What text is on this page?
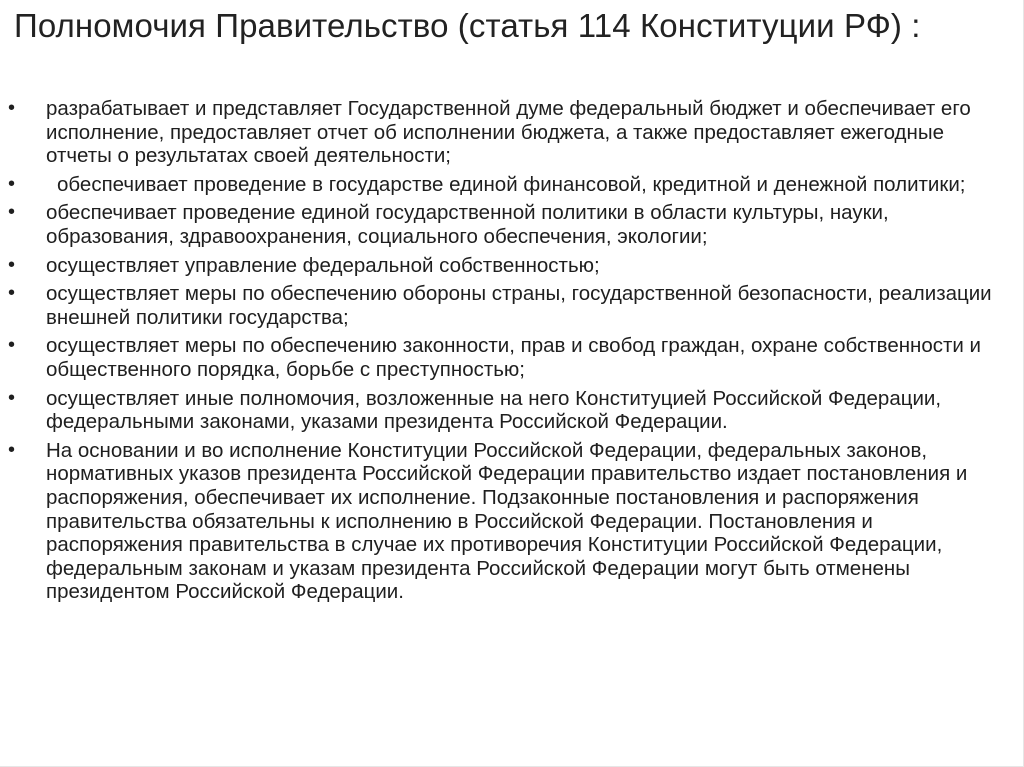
Полномочия Правительство (статья 114 Конституции РФ) :
• разрабатывает и представляет Государственной думе федеральный бюджет и обеспечивает его исполнение, предоставляет отчет об исполнении бюджета, а также предоставляет ежегодные отчеты о результатах своей деятельности;
•	обеспечивает проведение в государстве единой финансовой, кредитной и денежной политики;
• обеспечивает проведение единой государственной политики в области культуры, науки, образования, здравоохранения, социального обеспечения, экологии;
• осуществляет управление федеральной собственностью;
• осуществляет меры по обеспечению обороны страны, государственной безопасности, реализации внешней политики государства;
• осуществляет меры по обеспечению законности, прав и свобод граждан, охране собственности и общественного порядка, борьбе с преступностью;
• осуществляет иные полномочия, возложенные на него Конституцией Российской Федерации, федеральными законами, указами президента Российской Федерации.
• На основании и во исполнение Конституции Российской Федерации, федеральных законов, нормативных указов президента Российской Федерации правительство издает постановления и распоряжения, обеспечивает их исполнение. Подзаконные постановления и распоряжения правительства обязательны к исполнению в Российской Федерации. Постановления и распоряжения правительства в случае их противоречия Конституции Российской Федерации, федеральным законам и указам президента Российской Федерации могут быть отменены президентом Российской Федерации.
